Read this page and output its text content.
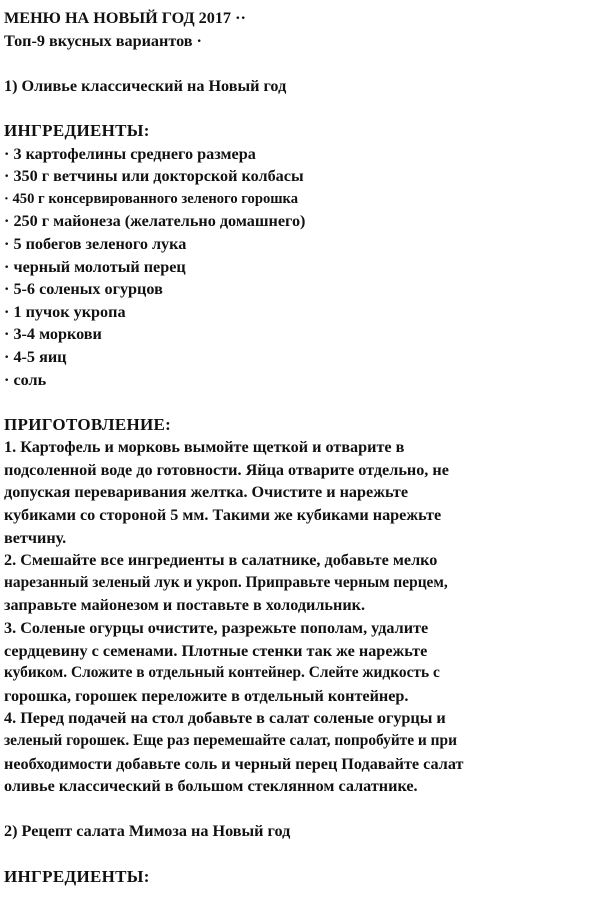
МЕНЮ НА НОВЫЙ ГОД 2017 ··
Топ-9 вкусных вариантов ·
1) Оливье классический на Новый год
ИНГРЕДИЕНТЫ:
· 3 картофелины среднего размера
· 350 г ветчины или докторской колбасы
· 450 г консервированного зеленого горошка
· 250 г майонеза (желательно домашнего)
· 5 побегов зеленого лука
· черный молотый перец
· 5-6 соленых огурцов
· 1 пучок укропа
· 3-4 моркови
· 4-5 яиц
· соль
ПРИГОТОВЛЕНИЕ:
1. Картофель и морковь вымойте щеткой и отварите в
подсоленной воде до готовности. Яйца отварите отдельно, не
допуская переваривания желтка. Очистите и нарежьте
кубиками со стороной 5 мм. Такими же кубиками нарежьте
ветчину.
2. Смешайте все ингредиенты в салатнике, добавьте мелко
нарезанный зеленый лук и укроп. Приправьте черным перцем,
заправьте майонезом и поставьте в холодильник.
3. Соленые огурцы очистите, разрежьте пополам, удалите
сердцевину с семенами. Плотные стенки так же нарежьте
кубиком. Сложите в отдельный контейнер. Слейте жидкость с
горошка, горошек переложите в отдельный контейнер.
4. Перед подачей на стол добавьте в салат соленые огурцы и
зеленый горошек. Еще раз перемешайте салат, попробуйте и при
необходимости добавьте соль и черный перец Подавайте салат
оливье классический в большом стеклянном салатнике.
2) Рецепт салата Мимоза на Новый год
ИНГРЕДИЕНТЫ:
